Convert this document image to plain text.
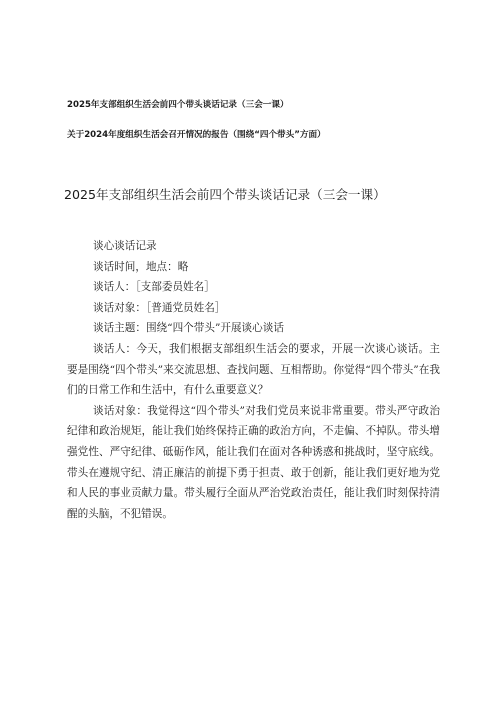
2025年支部组织生活会前四个带头谈话记录（三会一课）

关于2024年度组织生活会召开情况的报告（围绕“四个带头”方面）

2025年支部组织生活会前四个带头谈话记录（三会一课）

谈心谈话记录

谈话时间，地点：略

谈话人：［支部委员姓名］

谈话对象：［普通党员姓名］

谈话主题：围绕“四个带头”开展谈心谈话

谈话人：今天，我们根据支部组织生活会的要求，开展一次谈心谈话。主要是围绕“四个带头”来交流思想、查找问题、互相帮助。你觉得“四个带头”在我们的日常工作和生活中，有什么重要意义？

谈话对象：我觉得这“四个带头”对我们党员来说非常重要。带头严守政治纪律和政治规矩，能让我们始终保持正确的政治方向，不走偏、不掉队。带头增强党性、严守纪律、砥砺作风，能让我们在面对各种诱惑和挑战时，坚守底线。带头在遵规守纪、清正廉洁的前提下勇于担责、敢于创新，能让我们更好地为党和人民的事业贡献力量。带头履行全面从严治党政治责任，能让我们时刻保持清醒的头脑，不犯错误。
